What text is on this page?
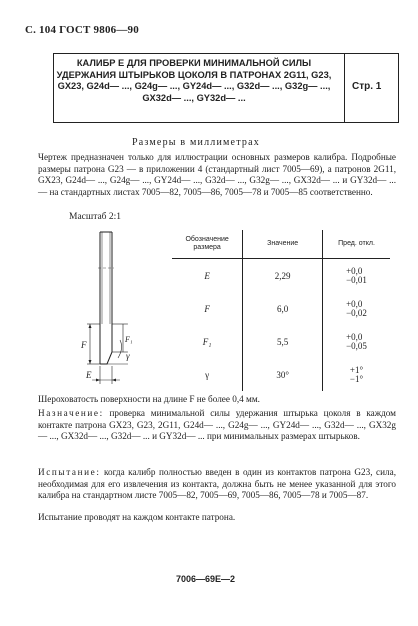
С. 104 ГОСТ 9806—90
КАЛИБР Е ДЛЯ ПРОВЕРКИ МИНИМАЛЬНОЙ СИЛЫ УДЕРЖАНИЯ ШТЫРЬКОВ ЦОКОЛЯ В ПАТРОНАХ 2G11, G23, GX23, G24d— ..., G24g— ..., GY24d— ..., G32d— ..., G32g— ..., GX32d— ..., GY32d— ...
Стр. 1
Размеры в миллиметрах
Чертеж предназначен только для иллюстрации основных размеров калибра. Подробные размеры патрона G23 — в приложении 4 (стандартный лист 7005—69), а патронов 2G11, GX23, G24d— ..., G24g— ..., GY24d— ..., G32d— ..., G32g— ..., GX32d— ... и GY32d— ... — на стандартных листах 7005—82, 7005—86, 7005—78 и 7005—85 соответственно.
Масштаб 2:1
F
F₁
γ
E
Обозначение размера	Значение	Пред. откл.
E	2,29	+0,0
−0,01
F	6,0	+0,0
−0,02
F₁	5,5	+0,0
−0,05
γ	30°	+1°
−1°
Шероховатость поверхности на длине F не более 0,4 мм.
Назначение: проверка минимальной силы удержания штырька цоколя в каждом контакте патрона GX23, G23, 2G11, G24d— ..., G24g— ..., GY24d— ..., G32d— ..., GX32g— ..., GX32d— ..., G32d— ... и GY32d— ... при минимальных размерах штырьков.
Испытание: когда калибр полностью введен в один из контактов патрона G23, сила, необходимая для его извлечения из контакта, должна быть не менее указанной для этого калибра на стандартном листе 7005—82, 7005—69, 7005—86, 7005—78 и 7005—87.
Испытание проводят на каждом контакте патрона.
7006—69Е—2
